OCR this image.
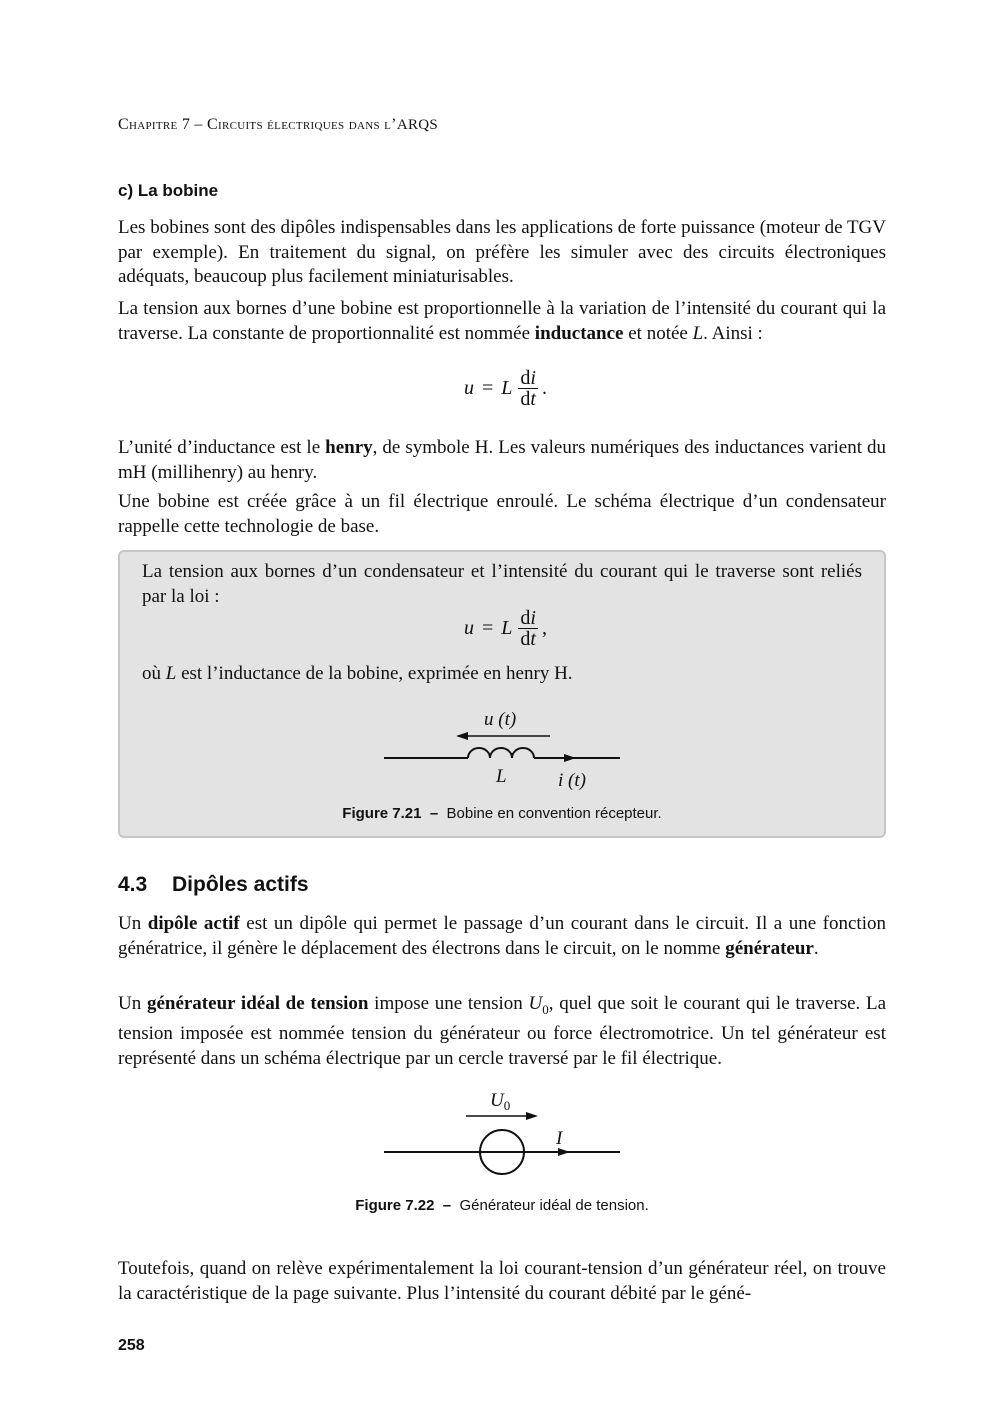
Chapitre 7 – Circuits électriques dans l’ARQS
c) La bobine

Les bobines sont des dipôles indispensables dans les applications de forte puissance (moteur de TGV par exemple). En traitement du signal, on préfère les simuler avec des circuits électroniques adéquats, beaucoup plus facilement miniaturisables.

La tension aux bornes d’une bobine est proportionnelle à la variation de l’intensité du courant qui la traverse. La constante de proportionnalité est nommée inductance et notée L. Ainsi :

u = L $\frac{di}{dt}$ .

L’unité d’inductance est le henry, de symbole H. Les valeurs numériques des inductances varient du mH (millihenry) au henry.

Une bobine est créée grâce à un fil électrique enroulé. Le schéma électrique d’un condensateur rappelle cette technologie de base.

La tension aux bornes d’un condensateur et l’intensité du courant qui le traverse sont reliés par la loi :

u = L $\frac{di}{dt}$ ,

où L est l’inductance de la bobine, exprimée en henry H.

u (t)
L	i (t)
Figure 7.21 – Bobine en convention récepteur.
4.3 Dipôles actifs

Un dipôle actif est un dipôle qui permet le passage d’un courant dans le circuit. Il a une fonction génératrice, il génère le déplacement des électrons dans le circuit, on le nomme générateur.

Un générateur idéal de tension impose une tension $U_0$, quel que soit le courant qui le traverse. La tension imposée est nommée tension du générateur ou force électromotrice. Un tel générateur est représenté dans un schéma électrique par un cercle traversé par le fil électrique.

$U_0$
I
Figure 7.22 – Générateur idéal de tension.

Toutefois, quand on relève expérimentalement la loi courant-tension d’un générateur réel, on trouve la caractéristique de la page suivante. Plus l’intensité du courant débité par le géné-

258
